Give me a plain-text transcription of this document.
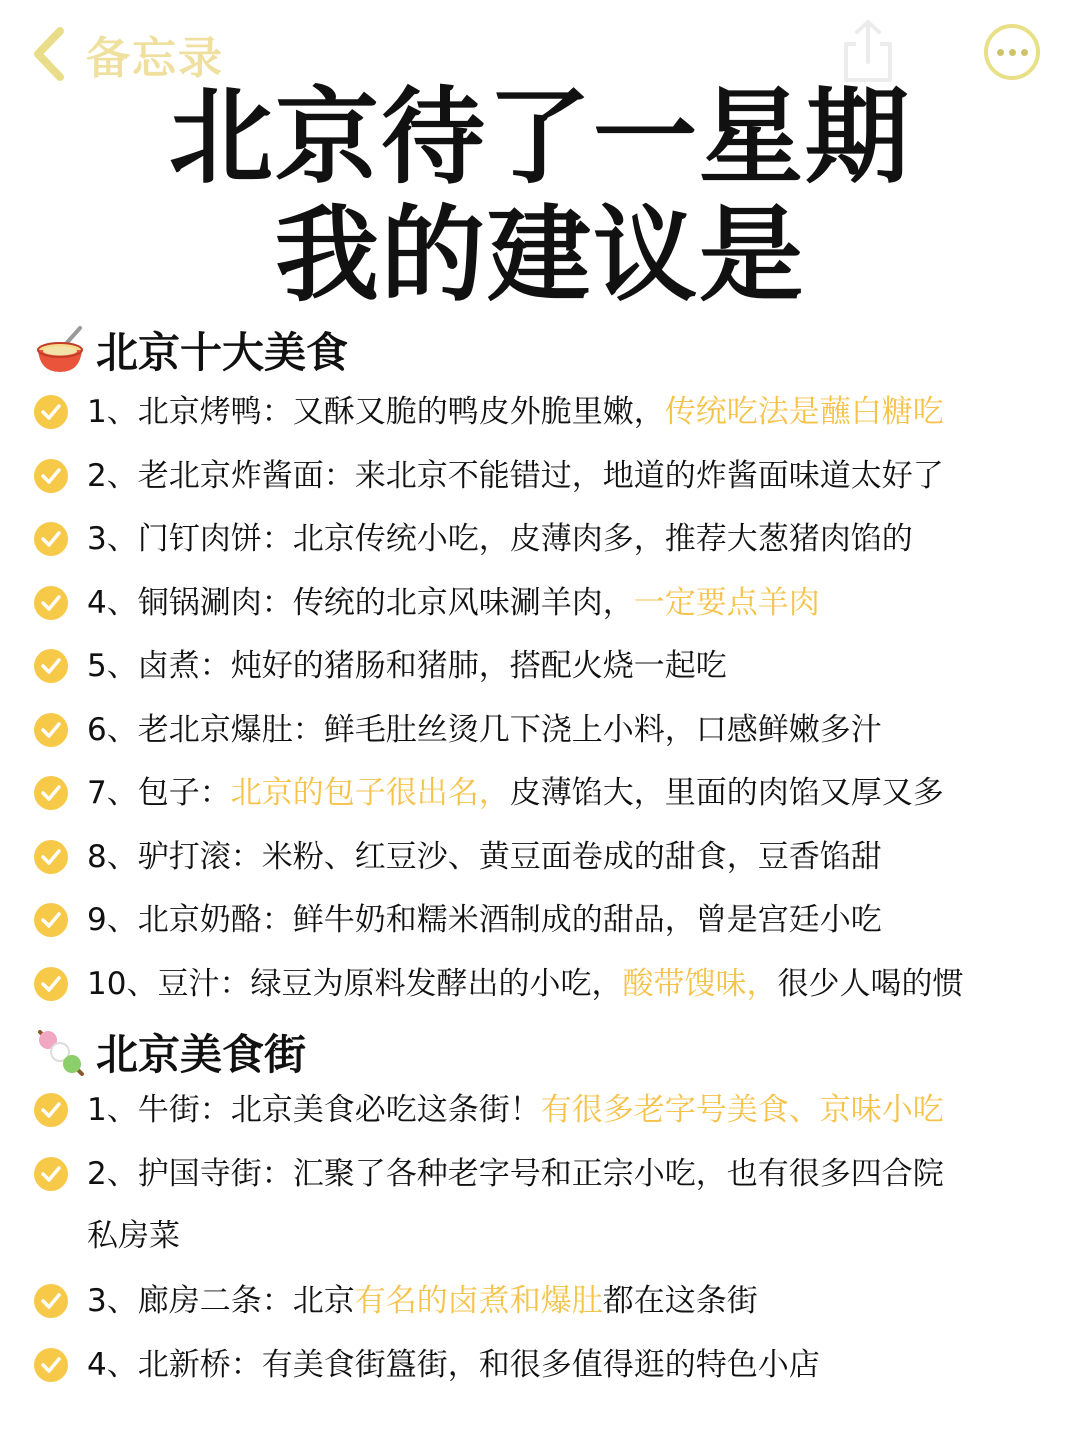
备忘录
北京待了一星期
我的建议是
北京十大美食
1、北京烤鸭：又酥又脆的鸭皮外脆里嫩，传统吃法是蘸白糖吃
2、老北京炸酱面：来北京不能错过，地道的炸酱面味道太好了
3、门钉肉饼：北京传统小吃，皮薄肉多，推荐大葱猪肉馅的
4、铜锅涮肉：传统的北京风味涮羊肉，一定要点羊肉
5、卤煮：炖好的猪肠和猪肺，搭配火烧一起吃
6、老北京爆肚：鲜毛肚丝烫几下浇上小料，口感鲜嫩多汁
7、包子：北京的包子很出名，皮薄馅大，里面的肉馅又厚又多
8、驴打滚：米粉、红豆沙、黄豆面卷成的甜食，豆香馅甜
9、北京奶酪：鲜牛奶和糯米酒制成的甜品，曾是宫廷小吃
10、豆汁：绿豆为原料发酵出的小吃，酸带馊味，很少人喝的惯
北京美食街
1、牛街：北京美食必吃这条街！有很多老字号美食、京味小吃
2、护国寺街：汇聚了各种老字号和正宗小吃，也有很多四合院
私房菜
3、廊房二条：北京有名的卤煮和爆肚都在这条街
4、北新桥：有美食街簋街，和很多值得逛的特色小店
